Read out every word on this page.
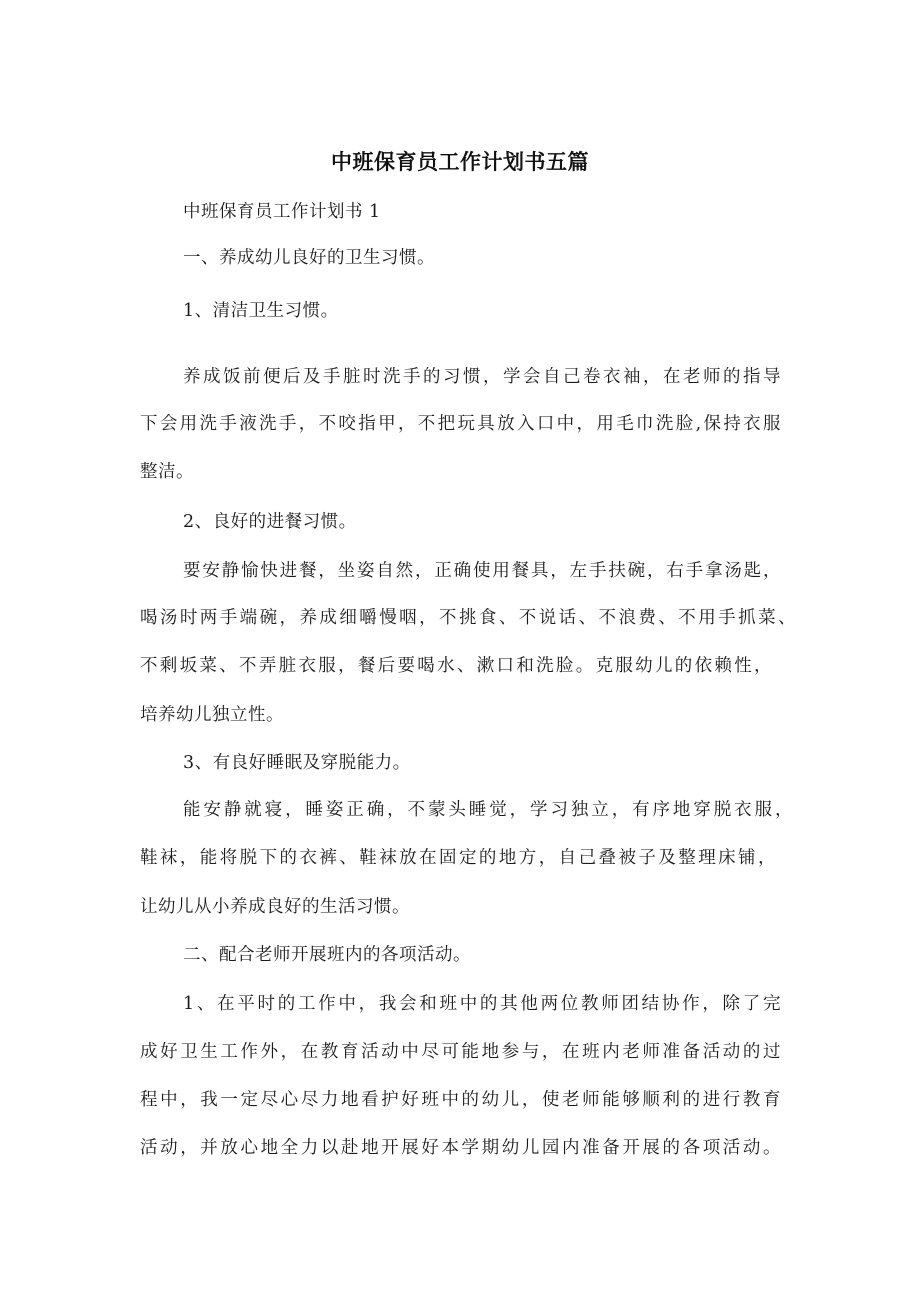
中班保育员工作计划书五篇
中班保育员工作计划书 1
一、养成幼儿良好的卫生习惯。
1、清洁卫生习惯。
养成饭前便后及手脏时洗手的习惯，学会自己卷衣袖，在老师的指导
下会用洗手液洗手，不咬指甲，不把玩具放入口中，用毛巾洗脸,保持衣服
整洁。
2、良好的进餐习惯。
要安静愉快进餐，坐姿自然，正确使用餐具，左手扶碗，右手拿汤匙，
喝汤时两手端碗，养成细嚼慢咽，不挑食、不说话、不浪费、不用手抓菜、
不剩坂菜、不弄脏衣服，餐后要喝水、漱口和洗脸。克服幼儿的依赖性，
培养幼儿独立性。
3、有良好睡眠及穿脱能力。
能安静就寝，睡姿正确，不蒙头睡觉，学习独立，有序地穿脱衣服，
鞋袜，能将脱下的衣裤、鞋袜放在固定的地方，自己叠被子及整理床铺，
让幼儿从小养成良好的生活习惯。
二、配合老师开展班内的各项活动。
1、在平时的工作中，我会和班中的其他两位教师团结协作，除了完
成好卫生工作外，在教育活动中尽可能地参与，在班内老师准备活动的过
程中，我一定尽心尽力地看护好班中的幼儿，使老师能够顺利的进行教育
活动，并放心地全力以赴地开展好本学期幼儿园内准备开展的各项活动。
